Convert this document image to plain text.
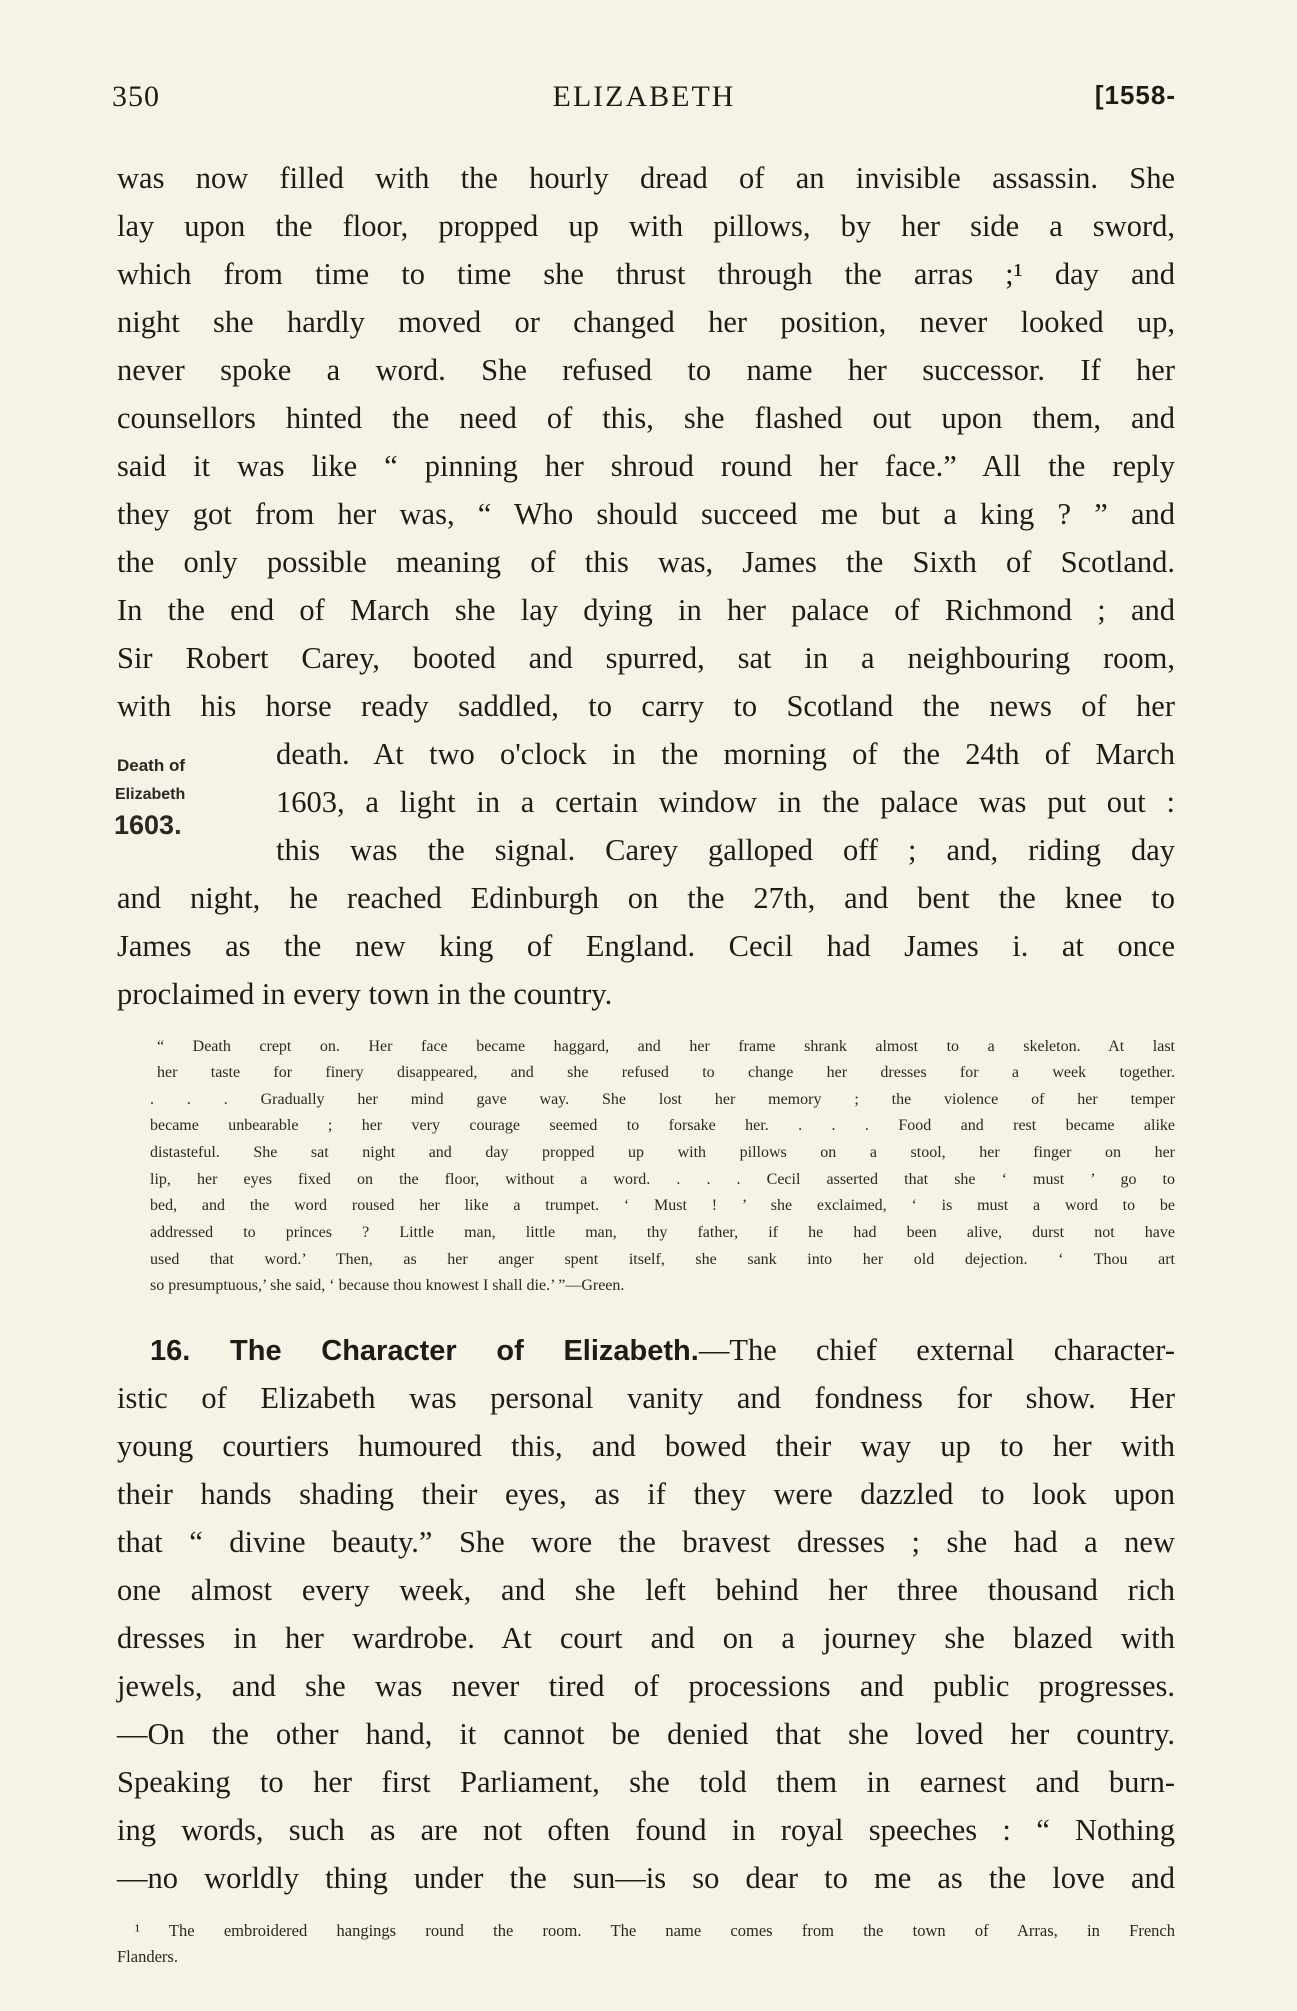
350	ELIZABETH	[1558-
was now filled with the hourly dread of an invisible assassin. She
lay upon the floor, propped up with pillows, by her side a sword,
which from time to time she thrust through the arras ;¹ day and
night she hardly moved or changed her position, never looked up,
never spoke a word. She refused to name her successor. If her
counsellors hinted the need of this, she flashed out upon them, and
said it was like “ pinning her shroud round her face.” All the reply
they got from her was, “ Who should succeed me but a king ? ” and
the only possible meaning of this was, James the Sixth of Scotland.
In the end of March she lay dying in her palace of Richmond ; and
Sir Robert Carey, booted and spurred, sat in a neighbouring room,
with his horse ready saddled, to carry to Scotland the news of her
Death of
Elizabeth
1603.
death. At two o'clock in the morning of the 24th of March
1603, a light in a certain window in the palace was put out :
this was the signal. Carey galloped off ; and, riding day
and night, he reached Edinburgh on the 27th, and bent the knee to
James as the new king of England. Cecil had James i. at once
proclaimed in every town in the country.
“ Death crept on. Her face became haggard, and her frame shrank almost to a skeleton. At last
her taste for finery disappeared, and she refused to change her dresses for a week together.
. . . Gradually her mind gave way. She lost her memory ; the violence of her temper
became unbearable ; her very courage seemed to forsake her. . . . Food and rest became alike
distasteful. She sat night and day propped up with pillows on a stool, her finger on her
lip, her eyes fixed on the floor, without a word. . . . Cecil asserted that she ‘ must ’ go to
bed, and the word roused her like a trumpet. ‘ Must ! ’ she exclaimed, ‘ is must a word to be
addressed to princes ? Little man, little man, thy father, if he had been alive, durst not have
used that word.’ Then, as her anger spent itself, she sank into her old dejection. ‘ Thou art
so presumptuous,’ she said, ‘ because thou knowest I shall die.’ ”—Green.
16. The Character of Elizabeth.—The chief external character-
istic of Elizabeth was personal vanity and fondness for show. Her
young courtiers humoured this, and bowed their way up to her with
their hands shading their eyes, as if they were dazzled to look upon
that “ divine beauty.” She wore the bravest dresses ; she had a new
one almost every week, and she left behind her three thousand rich
dresses in her wardrobe. At court and on a journey she blazed with
jewels, and she was never tired of processions and public progresses.
—On the other hand, it cannot be denied that she loved her country.
Speaking to her first Parliament, she told them in earnest and burn-
ing words, such as are not often found in royal speeches : “ Nothing
—no worldly thing under the sun—is so dear to me as the love and
¹ The embroidered hangings round the room. The name comes from the town of Arras, in French
Flanders.
